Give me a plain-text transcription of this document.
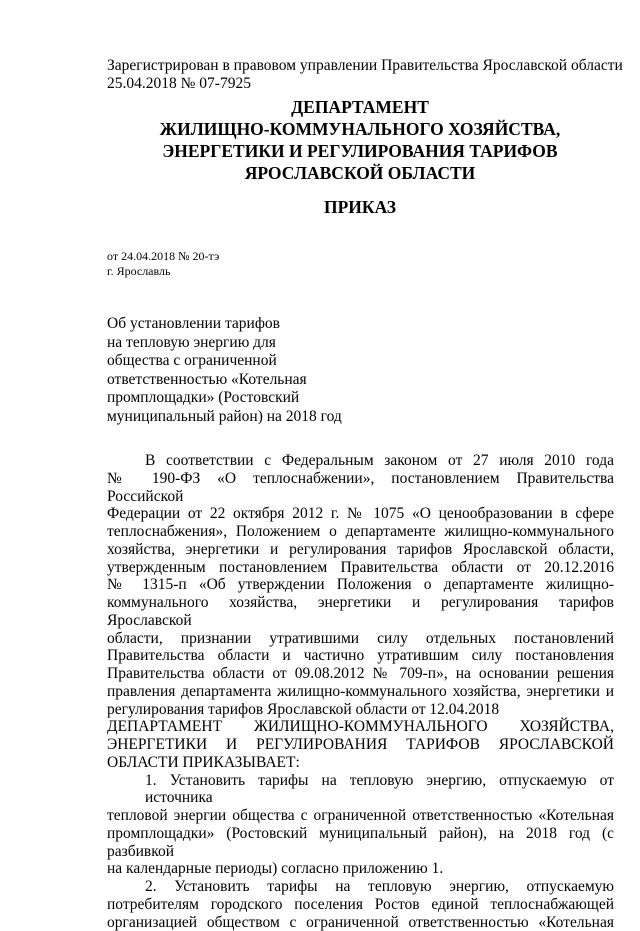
Зарегистрирован в правовом управлении Правительства Ярославской области
25.04.2018 № 07-7925
ДЕПАРТАМЕНТ
ЖИЛИЩНО-КОММУНАЛЬНОГО ХОЗЯЙСТВА,
ЭНЕРГЕТИКИ И РЕГУЛИРОВАНИЯ ТАРИФОВ
ЯРОСЛАВСКОЙ ОБЛАСТИ
ПРИКАЗ
от 24.04.2018 № 20-тэ
г. Ярославль
Об установлении тарифов
на тепловую энергию для
общества с ограниченной
ответственностью «Котельная
промплощадки» (Ростовский
муниципальный район) на 2018 год
В соответствии с Федеральным законом от 27 июля 2010 года
№ 190-ФЗ «О теплоснабжении», постановлением Правительства Российской
Федерации от 22 октября 2012 г. № 1075 «О ценообразовании в сфере
теплоснабжения», Положением о департаменте жилищно-коммунального
хозяйства, энергетики и регулирования тарифов Ярославской области,
утвержденным постановлением Правительства области от 20.12.2016
№ 1315-п «Об утверждении Положения о департаменте жилищно-
коммунального хозяйства, энергетики и регулирования тарифов Ярославской
области, признании утратившими силу отдельных постановлений
Правительства области и частично утратившим силу постановления
Правительства области от 09.08.2012 № 709-п», на основании решения
правления департамента жилищно-коммунального хозяйства, энергетики и
регулирования тарифов Ярославской области от 12.04.2018
ДЕПАРТАМЕНТ ЖИЛИЩНО-КОММУНАЛЬНОГО ХОЗЯЙСТВА,
ЭНЕРГЕТИКИ И РЕГУЛИРОВАНИЯ ТАРИФОВ ЯРОСЛАВСКОЙ
ОБЛАСТИ ПРИКАЗЫВАЕТ:
1. Установить тарифы на тепловую энергию, отпускаемую от источника
тепловой энергии общества с ограниченной ответственностью «Котельная
промплощадки» (Ростовский муниципальный район), на 2018 год (с разбивкой
на календарные периоды) согласно приложению 1.
2. Установить тарифы на тепловую энергию, отпускаемую
потребителям городского поселения Ростов единой теплоснабжающей
организацией обществом с ограниченной ответственностью «Котельная
